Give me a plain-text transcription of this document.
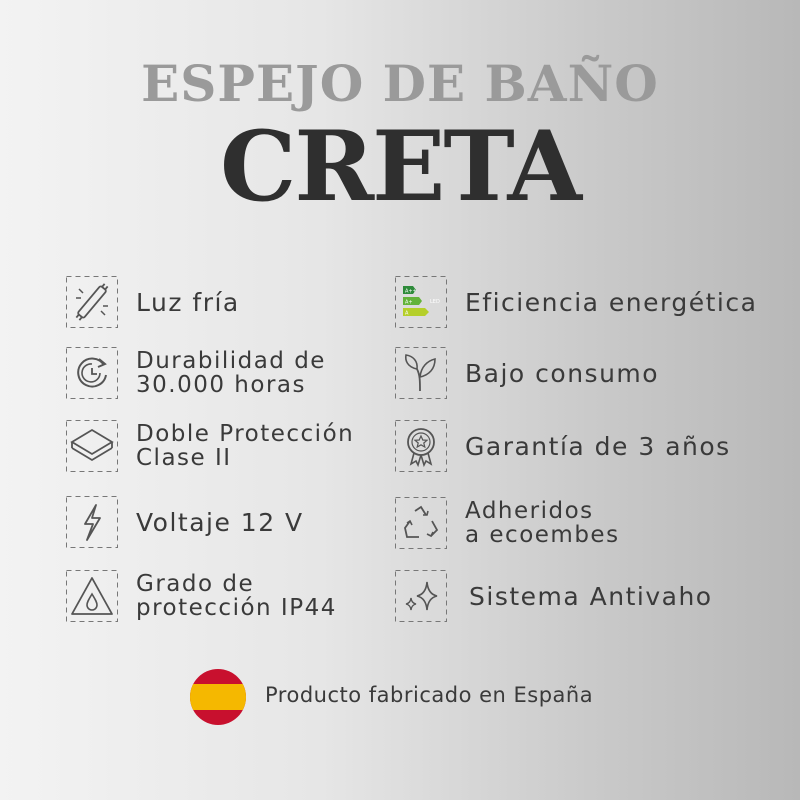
ESPEJO DE BAÑO
CRETA
Luz fría
Durabilidad de
30.000 horas
Doble Protección
Clase II
Voltaje 12 V
Grado de
protección IP44
A++
A+
A
LED Eficiencia energética
Bajo consumo
Garantía de 3 años
Adheridos
a ecoembes
Sistema Antivaho
Producto fabricado en España
